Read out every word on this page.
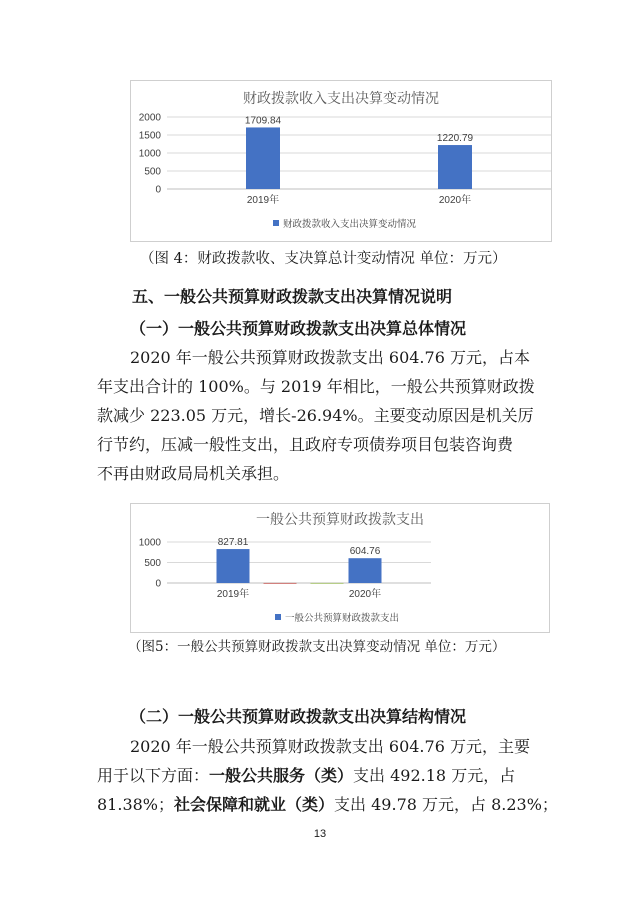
财政拨款收入支出决算变动情况
2000
1500
1000
500
0
1709.84
2019年
1220.79
2020年
财政拨款收入支出决算变动情况
（图 4：财政拨款收、支决算总计变动情况 单位：万元）
五、一般公共预算财政拨款支出决算情况说明
（一）一般公共预算财政拨款支出决算总体情况
2020 年一般公共预算财政拨款支出 604.76 万元，占本
年支出合计的 100%。与 2019 年相比，一般公共预算财政拨
款减少 223.05 万元，增长-26.94%。主要变动原因是机关厉
行节约，压减一般性支出，且政府专项债券项目包装咨询费
不再由财政局局机关承担。
一般公共预算财政拨款支出
1000
500
0
827.81
2019年
604.76
2020年
一般公共预算财政拨款支出
（图5：一般公共预算财政拨款支出决算变动情况 单位：万元）
（二）一般公共预算财政拨款支出决算结构情况
2020 年一般公共预算财政拨款支出 604.76 万元，主要
用于以下方面：一般公共服务（类）支出 492.18 万元，占
81.38%；社会保障和就业（类）支出 49.78 万元，占 8.23%；
13
